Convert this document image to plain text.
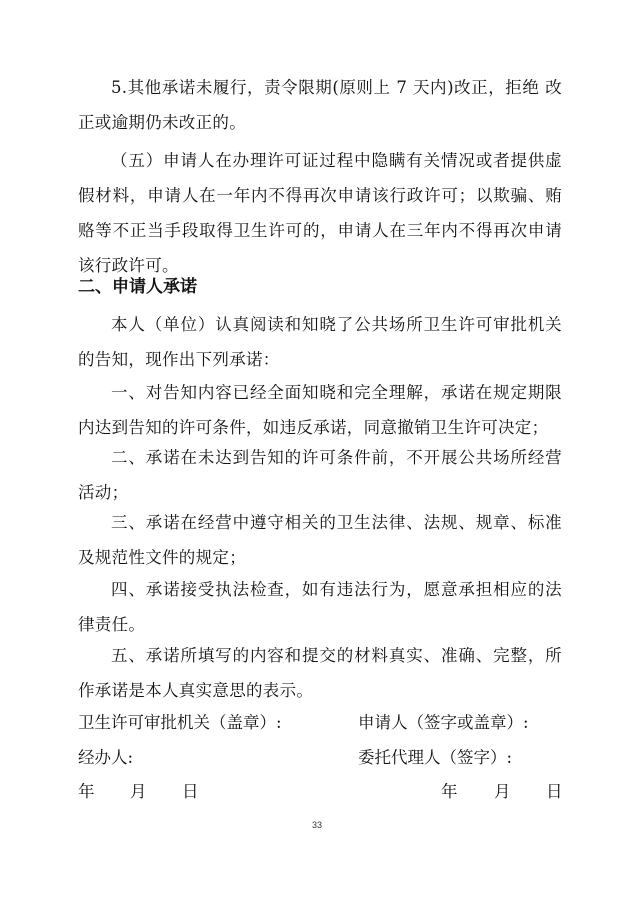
5.其他承诺未履行，责令限期(原则上 7 天内)改正，拒绝 改正或逾期仍未改正的。

（五）申请人在办理许可证过程中隐瞒有关情况或者提供虚假材料，申请人在一年内不得再次申请该行政许可；以欺骗、贿赂等不正当手段取得卫生许可的，申请人在三年内不得再次申请该行政许可。

二、申请人承诺

本人（单位）认真阅读和知晓了公共场所卫生许可审批机关的告知，现作出下列承诺：

一、对告知内容已经全面知晓和完全理解，承诺在规定期限内达到告知的许可条件，如违反承诺，同意撤销卫生许可决定；

二、承诺在未达到告知的许可条件前，不开展公共场所经营活动；

三、承诺在经营中遵守相关的卫生法律、法规、规章、标准及规范性文件的规定；

四、承诺接受执法检查，如有违法行为，愿意承担相应的法律责任。

五、承诺所填写的内容和提交的材料真实、准确、完整，所作承诺是本人真实意思的表示。

卫生许可审批机关（盖章）:	申请人（签字或盖章）:

经办人:	委托代理人（签字）:

年 月 日	年 月 日

33
